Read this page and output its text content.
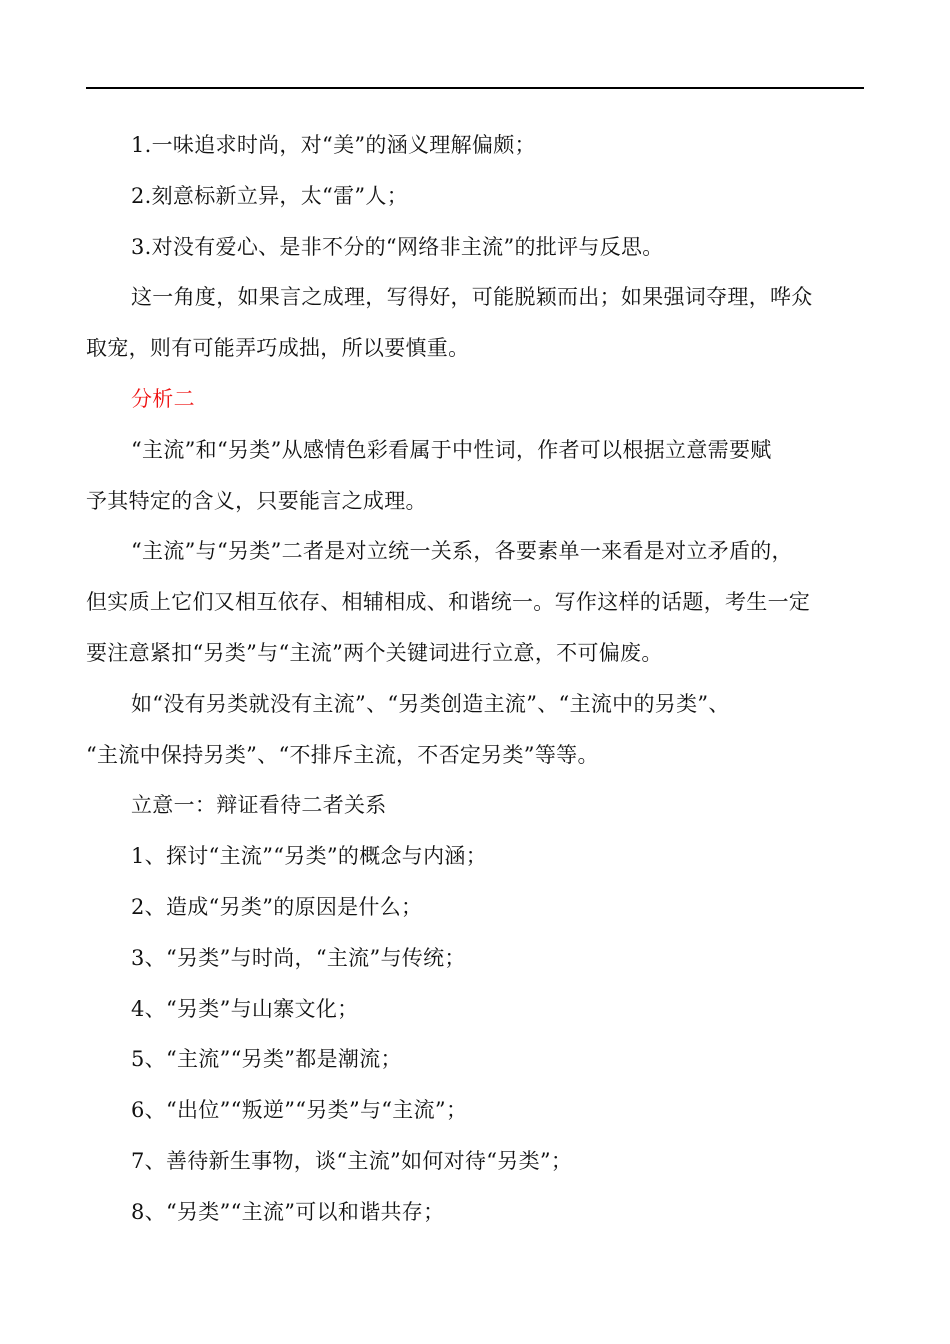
1.一味追求时尚，对“美”的涵义理解偏颇；

2.刻意标新立异，太“雷”人；

3.对没有爱心、是非不分的“网络非主流”的批评与反思。

这一角度，如果言之成理，写得好，可能脱颖而出；如果强词夺理，哗众

取宠，则有可能弄巧成拙，所以要慎重。

分析二

“主流”和“另类”从感情色彩看属于中性词，作者可以根据立意需要赋

予其特定的含义，只要能言之成理。

“主流”与“另类”二者是对立统一关系，各要素单一来看是对立矛盾的，

但实质上它们又相互依存、相辅相成、和谐统一。写作这样的话题，考生一定

要注意紧扣“另类”与“主流”两个关键词进行立意，不可偏废。

如“没有另类就没有主流”、“另类创造主流”、“主流中的另类”、

“主流中保持另类”、“不排斥主流，不否定另类”等等。

立意一：辩证看待二者关系

1、探讨“主流”“另类”的概念与内涵；

2、造成“另类”的原因是什么；

3、“另类”与时尚，“主流”与传统；

4、“另类”与山寨文化；

5、“主流”“另类”都是潮流；

6、“出位”“叛逆”“另类”与“主流”；

7、善待新生事物，谈“主流”如何对待“另类”；

8、“另类”“主流”可以和谐共存；
